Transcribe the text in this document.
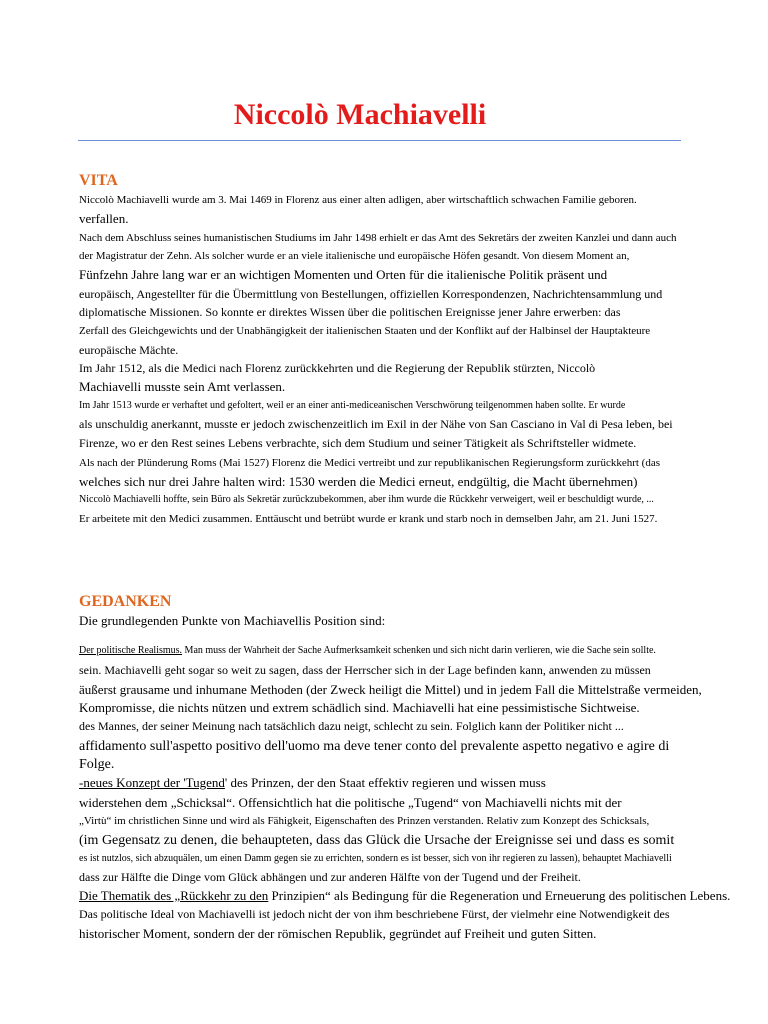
Niccolò Machiavelli
VITA

Niccolò Machiavelli wurde am 3. Mai 1469 in Florenz aus einer alten adligen, aber wirtschaftlich schwachen Familie geboren.

verfallen.

Nach dem Abschluss seines humanistischen Studiums im Jahr 1498 erhielt er das Amt des Sekretärs der zweiten Kanzlei und dann auch

der Magistratur der Zehn. Als solcher wurde er an viele italienische und europäische Höfen gesandt. Von diesem Moment an,

Fünfzehn Jahre lang war er an wichtigen Momenten und Orten für die italienische Politik präsent und

europäisch, Angestellter für die Übermittlung von Bestellungen, offiziellen Korrespondenzen, Nachrichtensammlung und

diplomatische Missionen. So konnte er direktes Wissen über die politischen Ereignisse jener Jahre erwerben: das

Zerfall des Gleichgewichts und der Unabhängigkeit der italienischen Staaten und der Konflikt auf der Halbinsel der Hauptakteure

europäische Mächte.

Im Jahr 1512, als die Medici nach Florenz zurückkehrten und die Regierung der Republik stürzten, Niccolò

Machiavelli musste sein Amt verlassen.

Im Jahr 1513 wurde er verhaftet und gefoltert, weil er an einer anti-mediceanischen Verschwörung teilgenommen haben sollte. Er wurde

als unschuldig anerkannt, musste er jedoch zwischenzeitlich im Exil in der Nähe von San Casciano in Val di Pesa leben, bei

Firenze, wo er den Rest seines Lebens verbrachte, sich dem Studium und seiner Tätigkeit als Schriftsteller widmete.

Als nach der Plünderung Roms (Mai 1527) Florenz die Medici vertreibt und zur republikanischen Regierungsform zurückkehrt (das

welches sich nur drei Jahre halten wird: 1530 werden die Medici erneut, endgültig, die Macht übernehmen)

Niccolò Machiavelli hoffte, sein Büro als Sekretär zurückzubekommen, aber ihm wurde die Rückkehr verweigert, weil er beschuldigt wurde, ...

Er arbeitete mit den Medici zusammen. Enttäuscht und betrübt wurde er krank und starb noch in demselben Jahr, am 21. Juni 1527.

GEDANKEN

Die grundlegenden Punkte von Machiavellis Position sind:

Der politische Realismus. Man muss der Wahrheit der Sache Aufmerksamkeit schenken und sich nicht darin verlieren, wie die Sache sein sollte.

sein. Machiavelli geht sogar so weit zu sagen, dass der Herrscher sich in der Lage befinden kann, anwenden zu müssen

äußerst grausame und inhumane Methoden (der Zweck heiligt die Mittel) und in jedem Fall die Mittelstraße vermeiden,

Kompromisse, die nichts nützen und extrem schädlich sind. Machiavelli hat eine pessimistische Sichtweise.

des Mannes, der seiner Meinung nach tatsächlich dazu neigt, schlecht zu sein. Folglich kann der Politiker nicht ...

affidamento sull'aspetto positivo dell'uomo ma deve tener conto del prevalente aspetto negativo e agire di

Folge.

-neues Konzept der 'Tugend' des Prinzen, der den Staat effektiv regieren und wissen muss

widerstehen dem „Schicksal“. Offensichtlich hat die politische „Tugend“ von Machiavelli nichts mit der

„Virtù“ im christlichen Sinne und wird als Fähigkeit, Eigenschaften des Prinzen verstanden. Relativ zum Konzept des Schicksals,

(im Gegensatz zu denen, die behaupteten, dass das Glück die Ursache der Ereignisse sei und dass es somit

es ist nutzlos, sich abzuquälen, um einen Damm gegen sie zu errichten, sondern es ist besser, sich von ihr regieren zu lassen), behauptet Machiavelli

dass zur Hälfte die Dinge vom Glück abhängen und zur anderen Hälfte von der Tugend und der Freiheit.

Die Thematik des „Rückkehr zu den Prinzipien“ als Bedingung für die Regeneration und Erneuerung des politischen Lebens.

Das politische Ideal von Machiavelli ist jedoch nicht der von ihm beschriebene Fürst, der vielmehr eine Notwendigkeit des

historischer Moment, sondern der der römischen Republik, gegründet auf Freiheit und guten Sitten.
